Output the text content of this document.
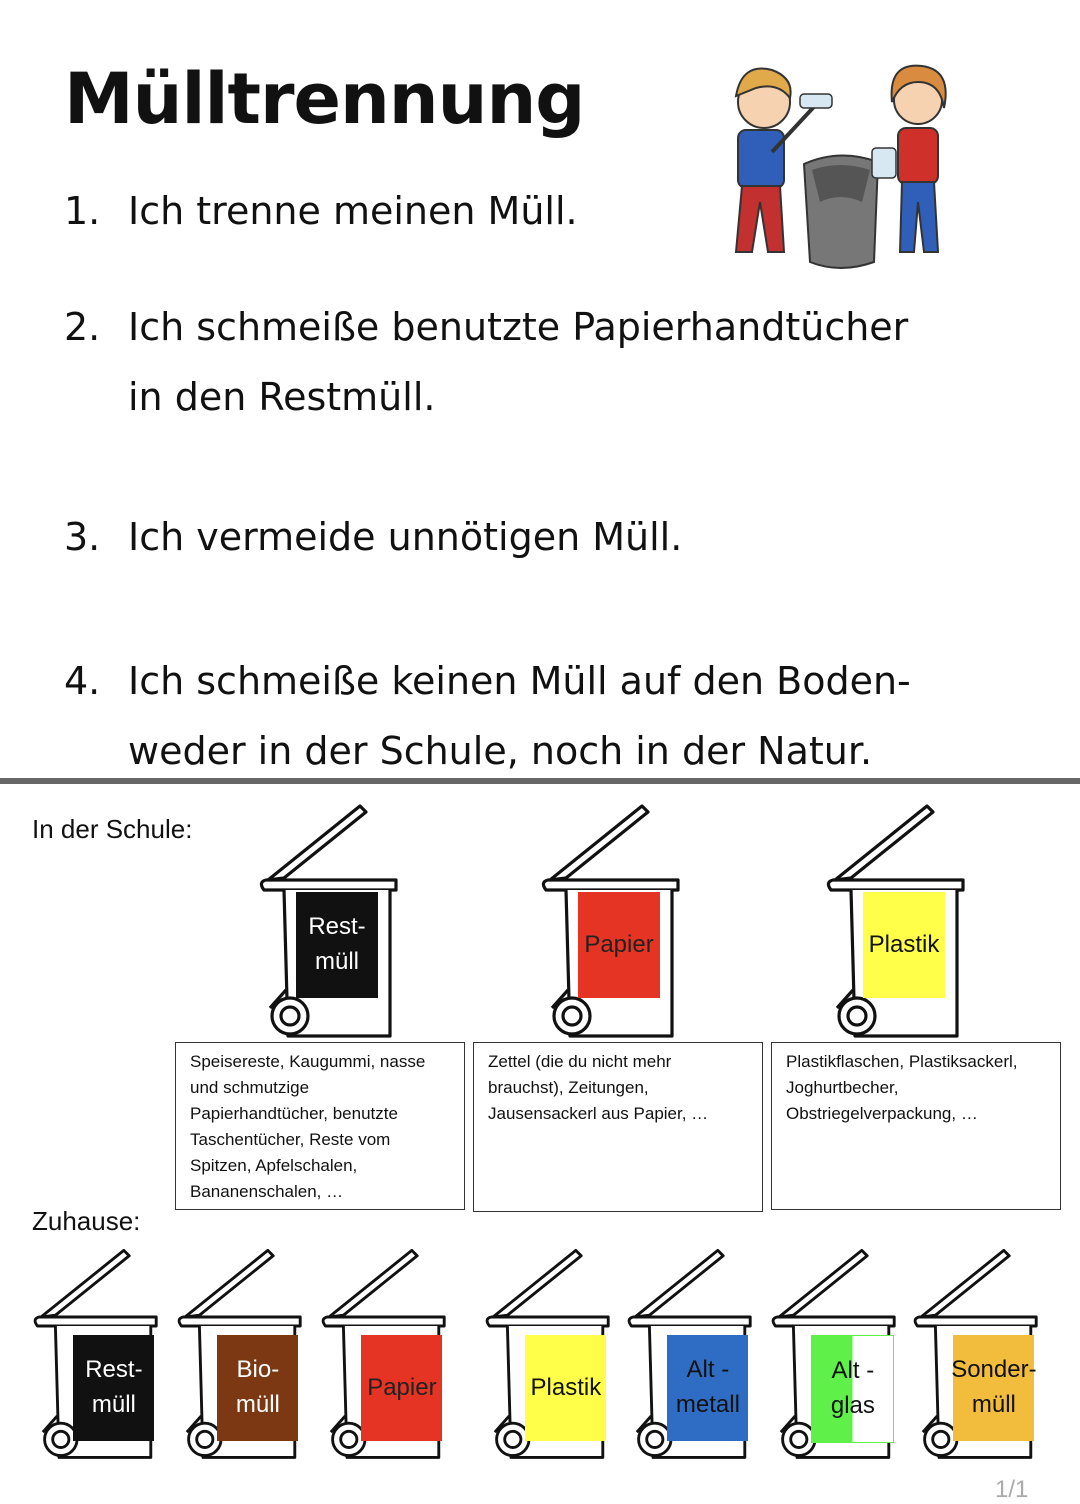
Mülltrennung
1. Ich trenne meinen Müll.
2. Ich schmeiße benutzte Papierhandtücher
in den Restmüll.
3. Ich vermeide unnötigen Müll.
4. Ich schmeiße keinen Müll auf den Boden-
weder in der Schule, noch in der Natur.
In der Schule:
Rest-
müll
Papier	Plastik
Speisereste, Kaugummi, nasse und schmutzige Papierhandtücher, benutzte Taschentücher, Reste vom Spitzen, Apfelschalen, Bananenschalen, …
Zettel (die du nicht mehr brauchst), Zeitungen, Jausensackerl aus Papier, …
Plastikflaschen, Plastiksackerl, Joghurtbecher, Obstriegelverpackung, …
Zuhause:
Rest-
müll
Bio-
müll
Papier	Plastik
Alt -
metall
Alt -
glas
Sonder-
müll
1/1
